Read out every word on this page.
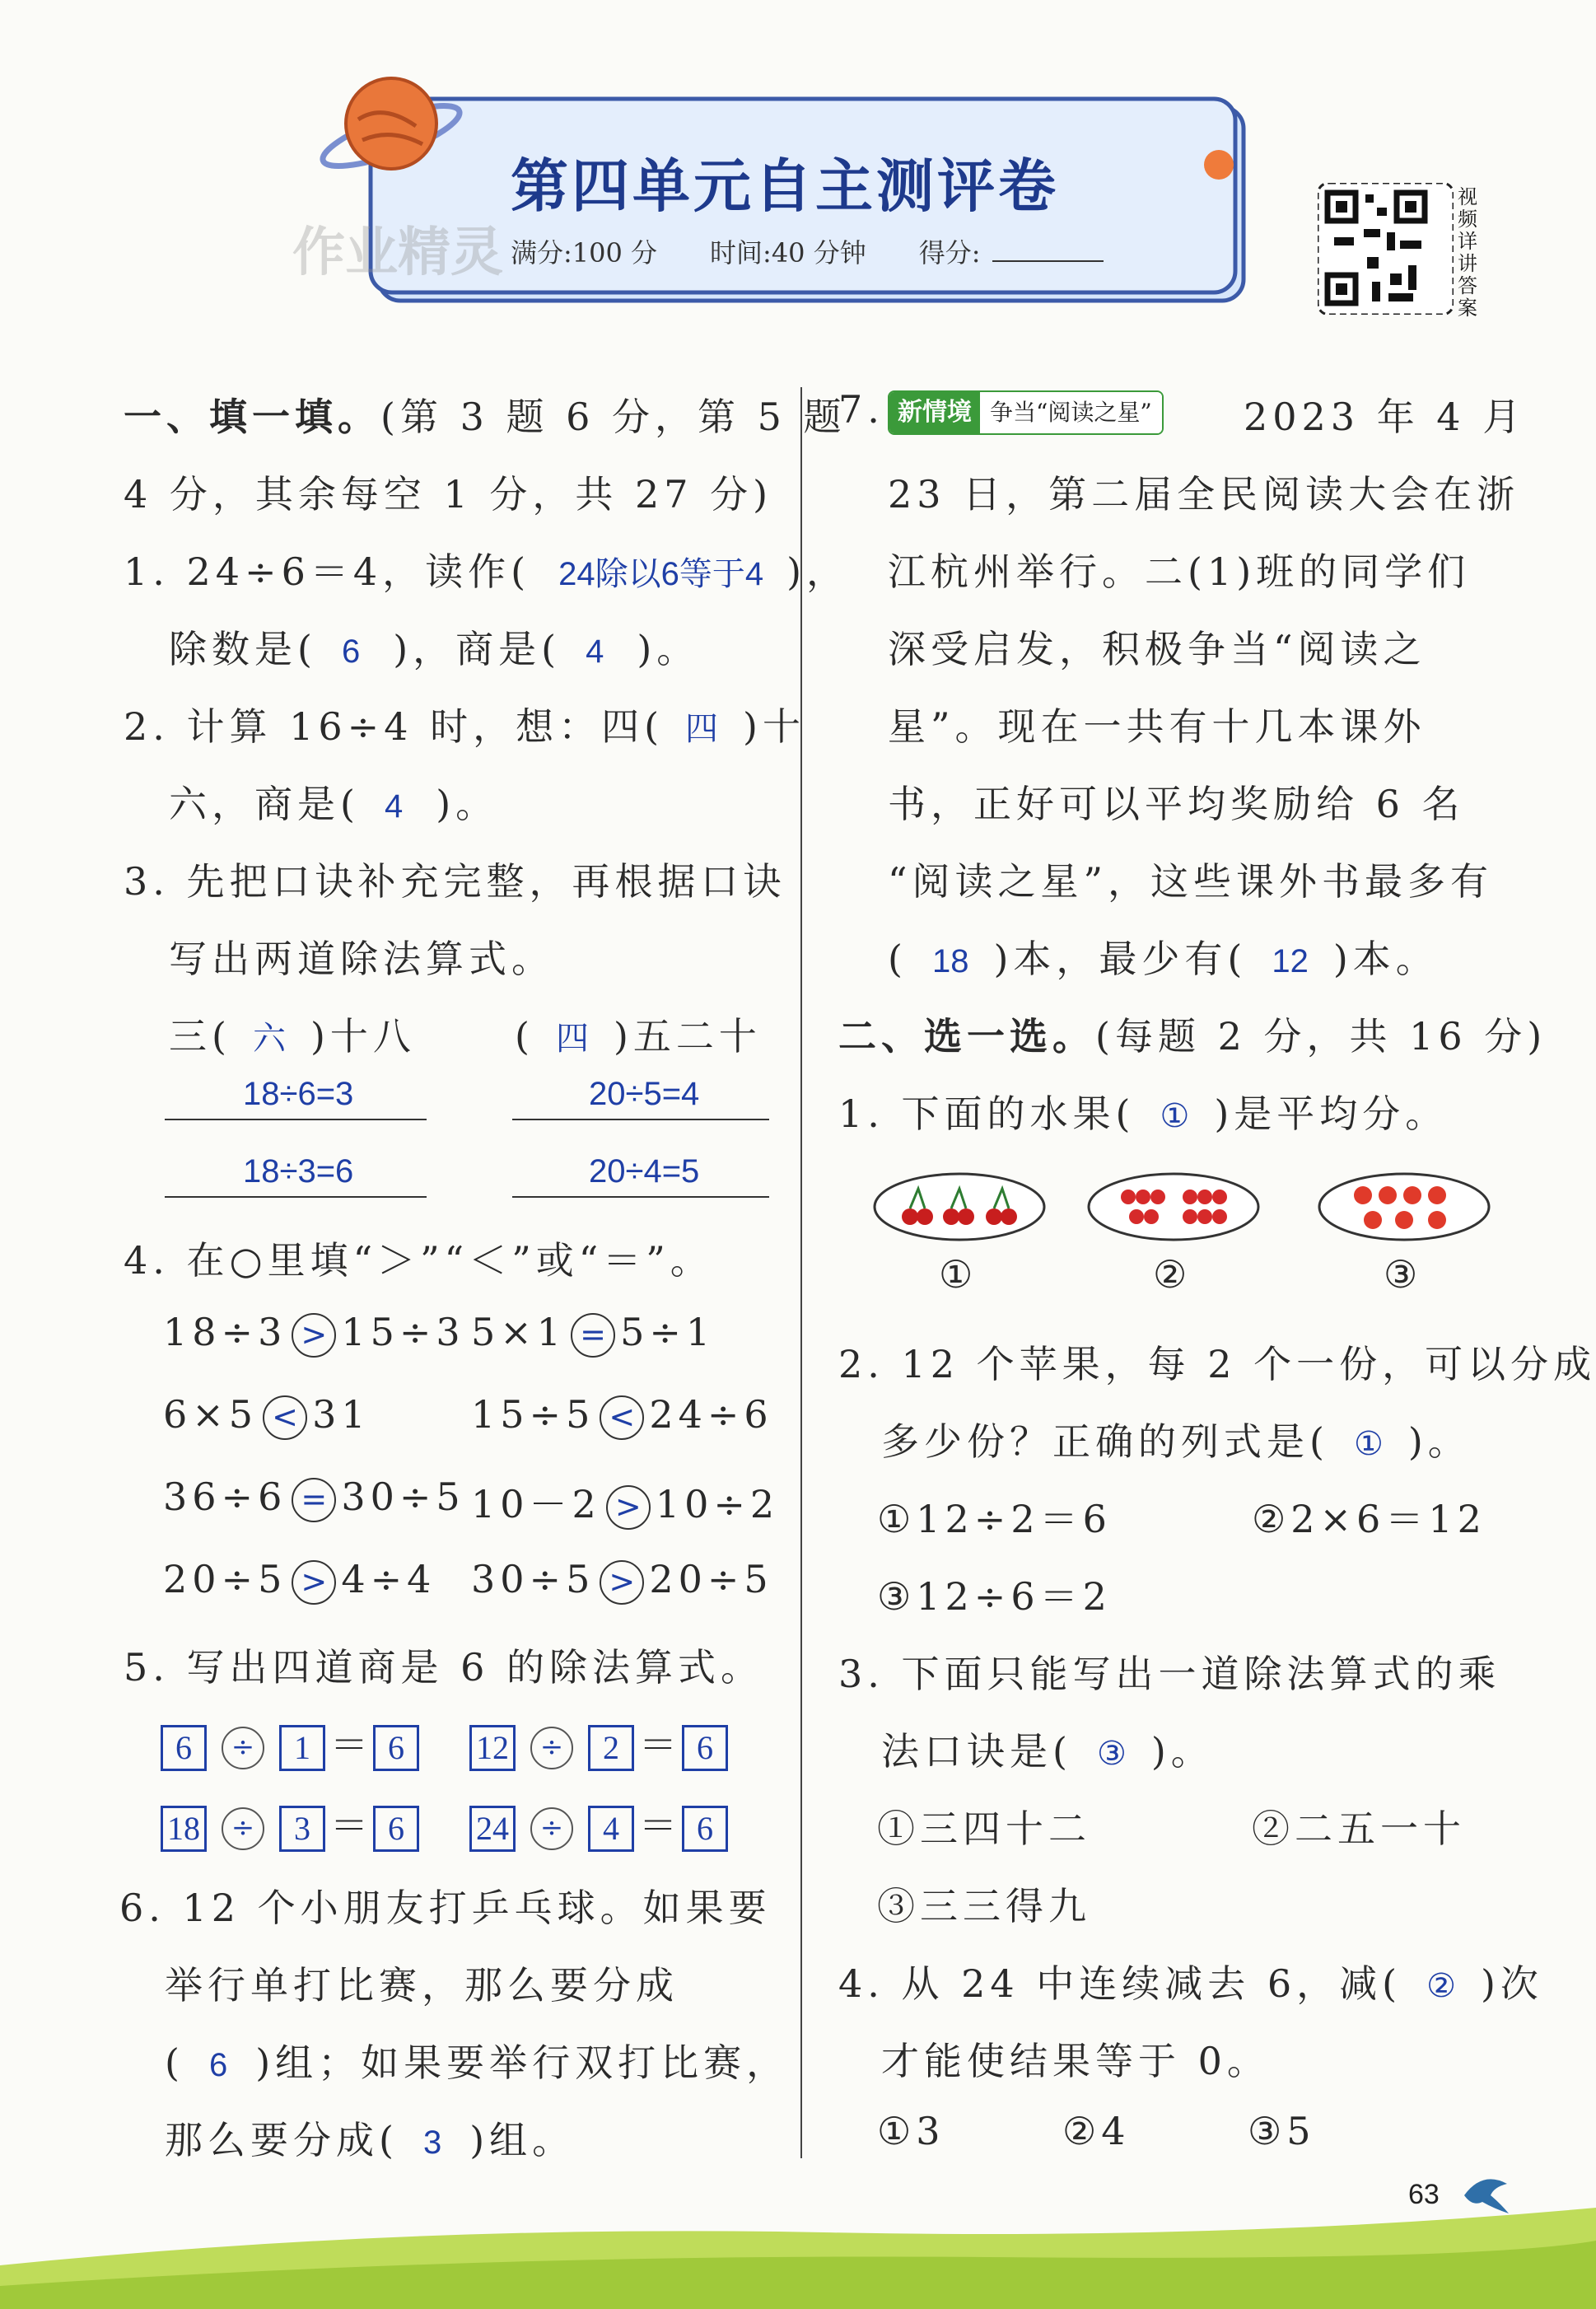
第四单元自主测评卷
满分:100 分　　时间:40 分钟　　得分:
作业精灵
视频详讲答案
一、填一填。(第 3 题 6 分，第 5 题
4 分，其余每空 1 分，共 27 分)
1. 24÷6＝4，读作( 24除以6等于4 )，
除数是( 6 )，商是( 4 )。
2. 计算 16÷4 时，想：四( 四 )十
六，商是( 4 )。
3. 先把口诀补充完整，再根据口诀
写出两道除法算式。
三( 六 )十八	( 四 )五二十
18÷6=3
18÷3=6
20÷5=4
20÷4=5
4. 在○里填“＞”“＜”或“＝”。
18÷3 > 15÷3 5×1 = 5÷1
6×5 < 31	15÷5 < 24÷6
36÷6 = 30÷5 10－2 > 10÷2
20÷5 > 4÷4 30÷5 > 20÷5
5. 写出四道商是 6 的除法算式。
6 ÷ 1 ＝ 6	12 ÷ 2 ＝ 6
18 ÷ 3 ＝ 6	24 ÷ 4 ＝ 6
6. 12 个小朋友打乒乓球。如果要
举行单打比赛，那么要分成
( 6 )组；如果要举行双打比赛，
那么要分成( 3 )组。
7. 新情境 争当“阅读之星” 2023 年 4 月
23 日，第二届全民阅读大会在浙
江杭州举行。二(1)班的同学们
深受启发，积极争当“阅读之
星”。现在一共有十几本课外
书，正好可以平均奖励给 6 名
“阅读之星”，这些课外书最多有
( 18 )本，最少有( 12 )本。
二、选一选。(每题 2 分，共 16 分)
1. 下面的水果( ① )是平均分。
①	②	③
2. 12 个苹果，每 2 个一份，可以分成
多少份？正确的列式是( ① )。
①12÷2＝6	②2×6＝12
③12÷6＝2
3. 下面只能写出一道除法算式的乘
法口诀是( ③ )。
①三四十二	②二五一十
③三三得九
4. 从 24 中连续减去 6，减( ② )次
才能使结果等于 0。
①3	②4	③5
63
